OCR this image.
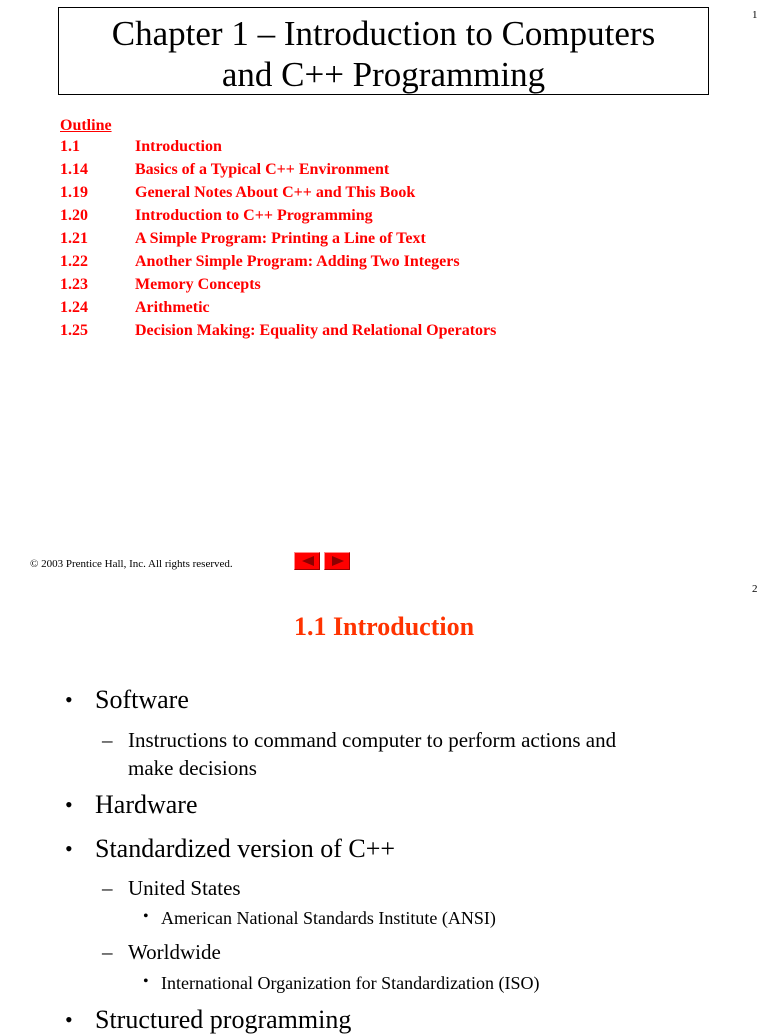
1
Chapter 1 – Introduction to Computers
and C++ Programming
Outline
1.1	Introduction
1.14	Basics of a Typical C++ Environment
1.19	General Notes About C++ and This Book
1.20	Introduction to C++ Programming
1.21	A Simple Program: Printing a Line of Text
1.22	Another Simple Program: Adding Two Integers
1.23	Memory Concepts
1.24	Arithmetic
1.25	Decision Making: Equality and Relational Operators
© 2003 Prentice Hall, Inc. All rights reserved.
2
1.1 Introduction
• Software
– Instructions to command computer to perform actions and
make decisions
• Hardware
• Standardized version of C++
– United States
• American National Standards Institute (ANSI)
– Worldwide
• International Organization for Standardization (ISO)
• Structured programming
